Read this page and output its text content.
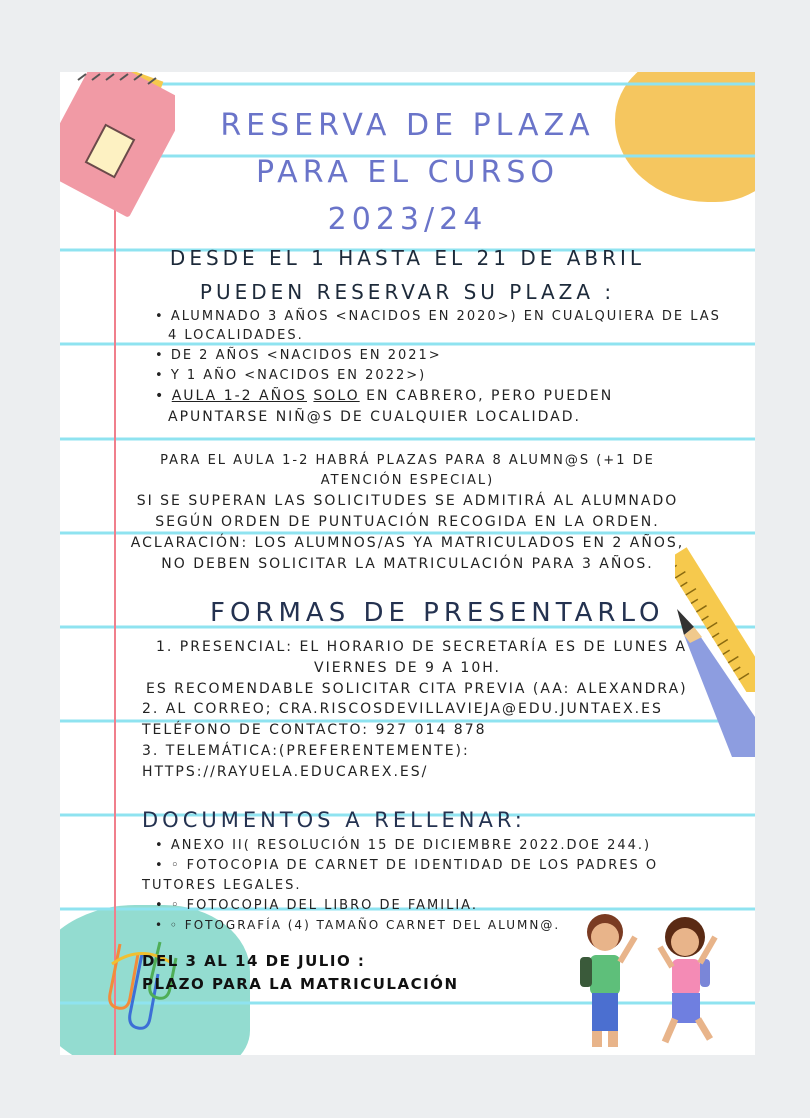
RESERVA DE PLAZA
PARA EL CURSO
2023/24
DESDE EL 1 HASTA EL 21 DE ABRIL
PUEDEN RESERVAR SU PLAZA :
• ALUMNADO 3 AÑOS <NACIDOS EN 2020>) EN CUALQUIERA DE LAS
4 LOCALIDADES.
• DE 2 AÑOS <NACIDOS EN 2021>
• Y 1 AÑO <NACIDOS EN 2022>)
• AULA 1-2 AÑOS SOLO EN CABRERO, PERO PUEDEN
APUNTARSE NIÑ@S DE CUALQUIER LOCALIDAD.
PARA EL AULA 1-2 HABRÁ PLAZAS PARA 8 ALUMN@S (+1 DE
ATENCIÓN ESPECIAL)
SI SE SUPERAN LAS SOLICITUDES SE ADMITIRÁ AL ALUMNADO
SEGÚN ORDEN DE PUNTUACIÓN RECOGIDA EN LA ORDEN.
ACLARACIÓN: LOS ALUMNOS/AS YA MATRICULADOS EN 2 AÑOS,
NO DEBEN SOLICITAR LA MATRICULACIÓN PARA 3 AÑOS.
FORMAS DE PRESENTARLO
1. PRESENCIAL: EL HORARIO DE SECRETARÍA ES DE LUNES A
VIERNES DE 9 A 10H.
ES RECOMENDABLE SOLICITAR CITA PREVIA (AA: ALEXANDRA)
2. AL CORREO; CRA.RISCOSDEVILLAVIEJA@EDU.JUNTAEX.ES
TELÉFONO DE CONTACTO: 927 014 878
3. TELEMÁTICA:(PREFERENTEMENTE):
HTTPS://RAYUELA.EDUCAREX.ES/
DOCUMENTOS A RELLENAR:
• ANEXO II( RESOLUCIÓN 15 DE DICIEMBRE 2022.DOE 244.)
• ◦ FOTOCOPIA DE CARNET DE IDENTIDAD DE LOS PADRES O
TUTORES LEGALES.
• ◦ FOTOCOPIA DEL LIBRO DE FAMILIA.
• ◦ FOTOGRAFÍA (4) TAMAÑO CARNET DEL ALUMN@.
DEL 3 AL 14 DE JULIO :
PLAZO PARA LA MATRICULACIÓN
